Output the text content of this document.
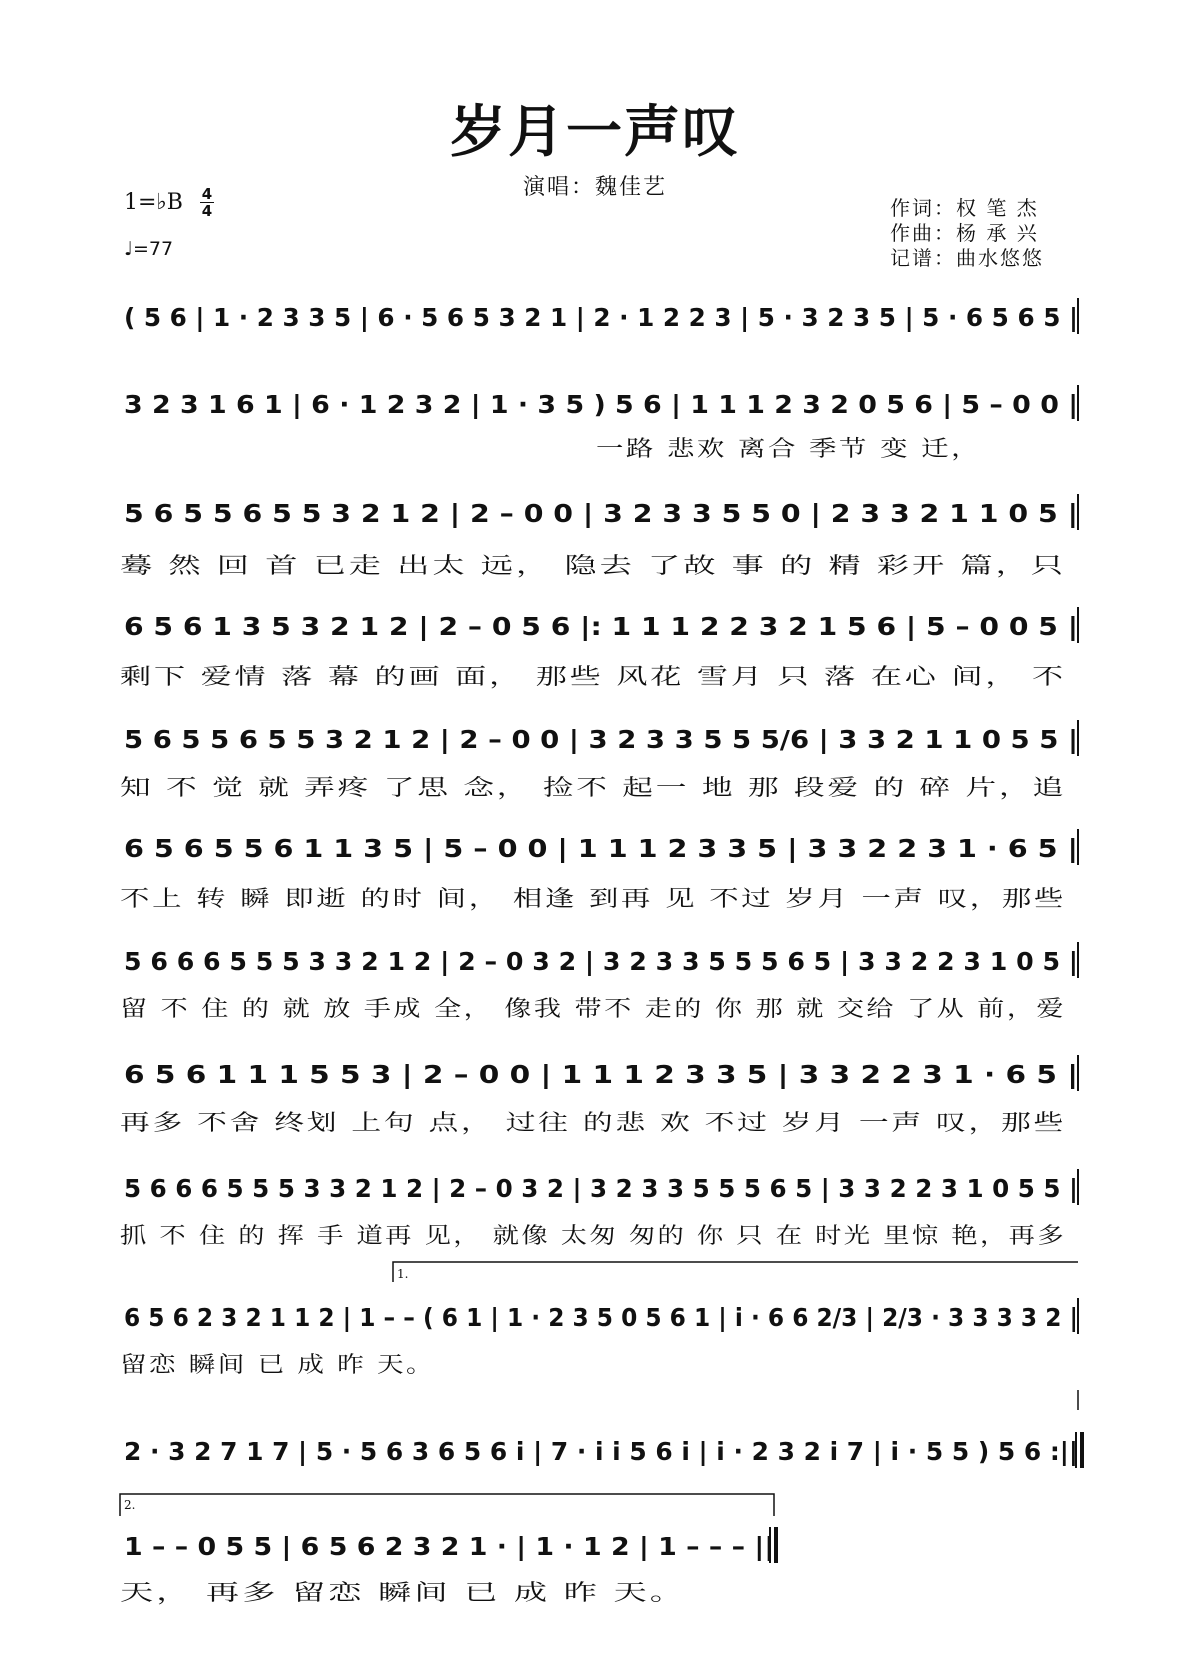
岁月一声叹
演唱：魏佳艺
1=♭B 4
4
♩=77
作词：权 笔 杰
作曲：杨 承 兴
记谱：曲水悠悠
( 5 6 | 1 · 2 3 3 5 | 6 · 5 6 5 3 2 1 | 2 · 1 2 2 3 | 5 · 3 2 3 5 | 5 · 6 5 6 5 |
3 2 3 1 6 1 | 6 · 1 2 3 2 | 1 · 3 5 ) 5 6 | 1 1 1 2 3 2 0 5 6 | 5 – 0 0 |
一路 悲欢 离合 季节 变 迁，
5 6 5 5 6 5 5 3 2 1 2 | 2 – 0 0 | 3 2 3 3 5 5 0 | 2 3 3 2 1 1 0 5 |
蓦 然 回 首 已走 出太 远， 隐去 了故 事 的 精 彩开 篇，只
6 5 6 1 3 5 3 2 1 2 | 2 – 0 5 6 |: 1 1 1 2 2 3 2 1 5 6 | 5 – 0 0 5 |
剩下 爱情 落 幕 的画 面， 那些 风花 雪月 只 落 在心 间， 不
5 6 5 5 6 5 5 3 2 1 2 | 2 – 0 0 | 3 2 3 3 5 5 5/6 | 3 3 2 1 1 0 5 5 |
知 不 觉 就 弄疼 了思 念， 捡不 起一 地 那 段爱 的 碎 片，追
6 5 6 5 5 6 1 1 3 5 | 5 – 0 0 | 1 1 1 2 3 3 5 | 3 3 2 2 3 1 · 6 5 |
不上 转 瞬 即逝 的时 间， 相逢 到再 见 不过 岁月 一声 叹，那些
5 6 6 6 5 5 5 3 3 2 1 2 | 2 – 0 3 2 | 3 2 3 3 5 5 5 6 5 | 3 3 2 2 3 1 0 5 |
留 不 住 的 就 放 手成 全， 像我 带不 走的 你 那 就 交给 了从 前，爱
6 5 6 1 1 1 5 5 3 | 2 – 0 0 | 1 1 1 2 3 3 5 | 3 3 2 2 3 1 · 6 5 |
再多 不舍 终划 上句 点， 过往 的悲 欢 不过 岁月 一声 叹，那些
5 6 6 6 5 5 5 3 3 2 1 2 | 2 – 0 3 2 | 3 2 3 3 5 5 5 6 5 | 3 3 2 2 3 1 0 5 5 |
抓 不 住 的 挥 手 道再 见， 就像 太匆 匆的 你 只 在 时光 里惊 艳，再多
1.
6 5 6 2 3 2 1 1 2 | 1 – – ( 6 1 | 1 · 2 3 5 0 5 6 1 | i · 6 6 2/3 | 2/3 · 3 3 3 3 2 |
留恋 瞬间 已 成 昨 天。
2 · 3 2 7 1 7 | 5 · 5 6 3 6 5 6 i | 7 · i i 5 6 i | i · 2 3 2 i 7 | i · 5 5 ) 5 6 :||
2.
1 – – 0 5 5 | 6 5 6 2 3 2 1 · | 1 · 1 2 | 1 – – – ||
天， 再多 留恋 瞬间 已 成 昨 天。
